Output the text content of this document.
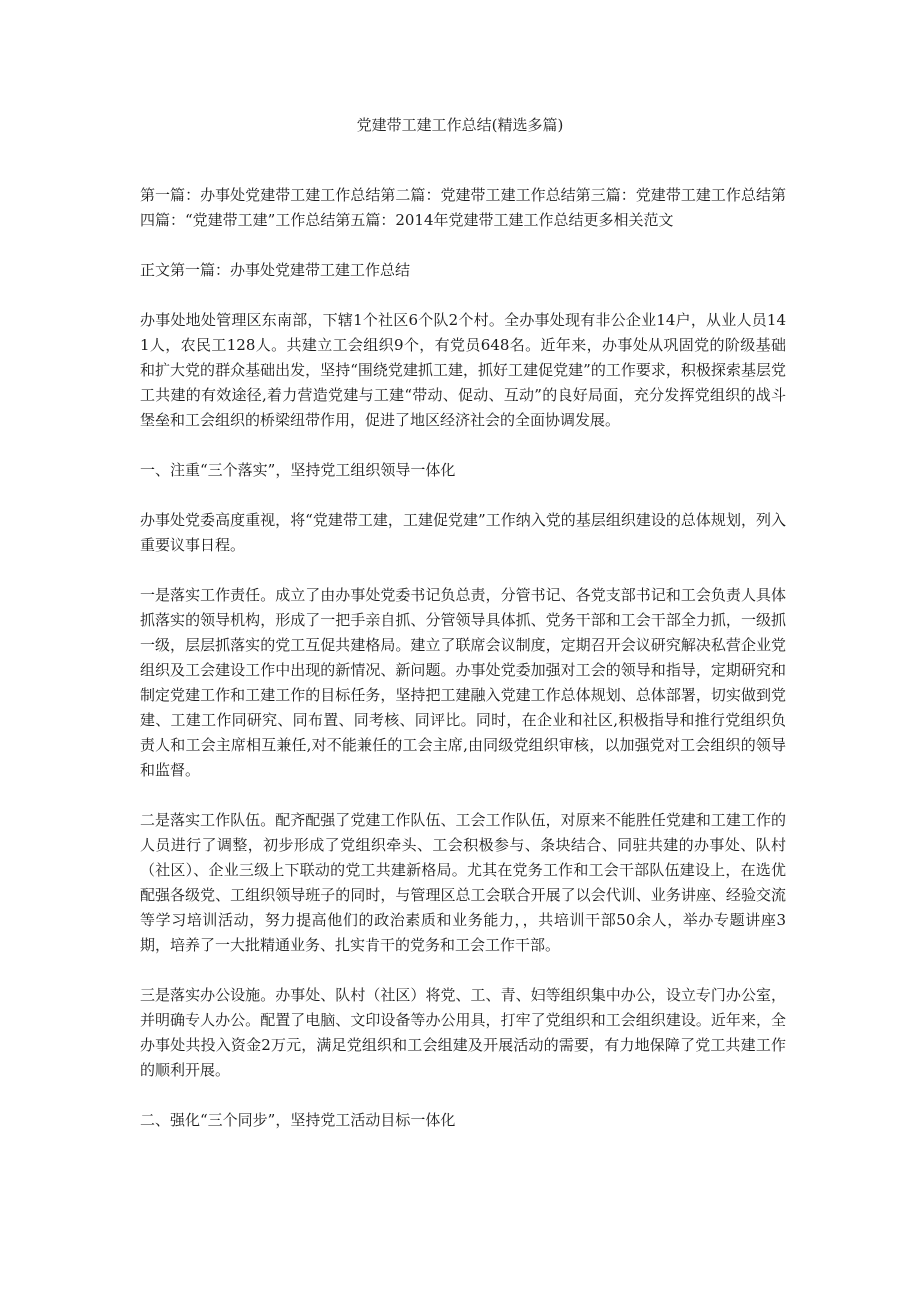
党建带工建工作总结(精选多篇)

第一篇：办事处党建带工建工作总结第二篇：党建带工建工作总结第三篇：党建带工建工作总结第四篇：“党建带工建”工作总结第五篇：2014年党建带工建工作总结更多相关范文

正文第一篇：办事处党建带工建工作总结

办事处地处管理区东南部，下辖1个社区6个队2个村。全办事处现有非公企业14户，从业人员141人，农民工128人。共建立工会组织9个，有党员648名。近年来，办事处从巩固党的阶级基础和扩大党的群众基础出发，坚持“围绕党建抓工建，抓好工建促党建”的工作要求，积极探索基层党工共建的有效途径,着力营造党建与工建“带动、促动、互动”的良好局面，充分发挥党组织的战斗堡垒和工会组织的桥梁纽带作用，促进了地区经济社会的全面协调发展。

一、注重“三个落实”，坚持党工组织领导一体化

办事处党委高度重视，将“党建带工建，工建促党建”工作纳入党的基层组织建设的总体规划，列入重要议事日程。

一是落实工作责任。成立了由办事处党委书记负总责，分管书记、各党支部书记和工会负责人具体抓落实的领导机构，形成了一把手亲自抓、分管领导具体抓、党务干部和工会干部全力抓，一级抓一级，层层抓落实的党工互促共建格局。建立了联席会议制度，定期召开会议研究解决私营企业党组织及工会建设工作中出现的新情况、新问题。办事处党委加强对工会的领导和指导，定期研究和制定党建工作和工建工作的目标任务，坚持把工建融入党建工作总体规划、总体部署，切实做到党建、工建工作同研究、同布置、同考核、同评比。同时，在企业和社区,积极指导和推行党组织负责人和工会主席相互兼任,对不能兼任的工会主席,由同级党组织审核，以加强党对工会组织的领导和监督。

二是落实工作队伍。配齐配强了党建工作队伍、工会工作队伍，对原来不能胜任党建和工建工作的人员进行了调整，初步形成了党组织牵头、工会积极参与、条块结合、同驻共建的办事处、队村（社区）、企业三级上下联动的党工共建新格局。尤其在党务工作和工会干部队伍建设上，在选优配强各级党、工组织领导班子的同时，与管理区总工会联合开展了以会代训、业务讲座、经验交流等学习培训活动，努力提高他们的政治素质和业务能力，，共培训干部50余人，举办专题讲座3期，培养了一大批精通业务、扎实肯干的党务和工会工作干部。

三是落实办公设施。办事处、队村（社区）将党、工、青、妇等组织集中办公，设立专门办公室，并明确专人办公。配置了电脑、文印设备等办公用具，打牢了党组织和工会组织建设。近年来，全办事处共投入资金2万元，满足党组织和工会组建及开展活动的需要，有力地保障了党工共建工作的顺利开展。

二、强化“三个同步”，坚持党工活动目标一体化
